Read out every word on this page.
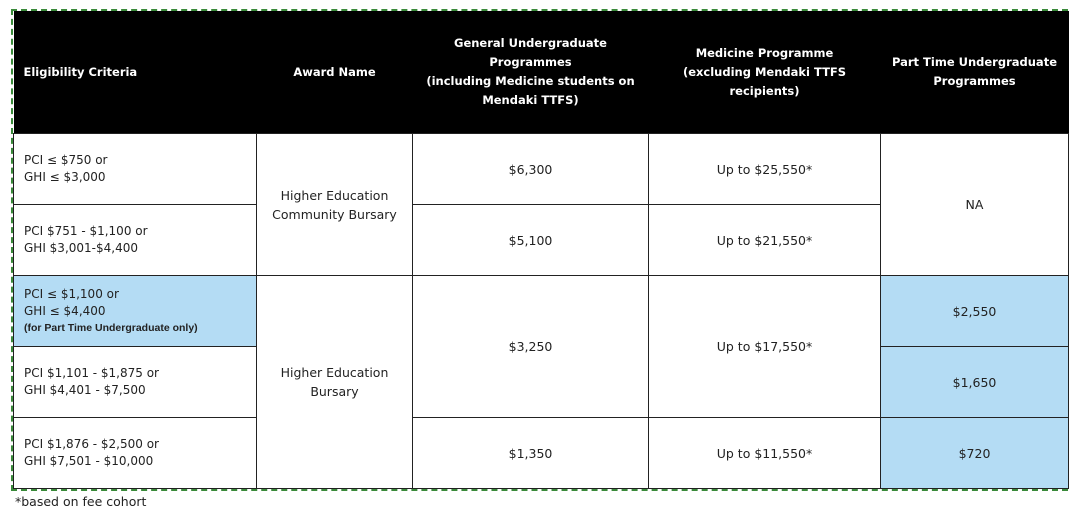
Eligibility Criteria	Award Name	General Undergraduate Programmes
(including Medicine students on
Mendaki TTFS)	Medicine Programme
(excluding Mendaki TTFS recipients)	Part Time Undergraduate
Programmes

PCI ≤ $750 or
GHI ≤ $3,000	Higher Education
Community Bursary	$6,300	Up to $25,550*	NA

PCI $751 - $1,100 or
GHI $3,001-$4,400		$5,100	Up to $21,550*	

PCI ≤ $1,100 or
GHI ≤ $4,400
(for Part Time Undergraduate only)	Higher Education
Bursary	$3,250	Up to $17,550*	$2,550

PCI $1,101 - $1,875 or
GHI $4,401 - $7,500				$1,650

PCI $1,876 - $2,500 or
GHI $7,501 - $10,000		$1,350	Up to $11,550*	$720
*based on fee cohort
